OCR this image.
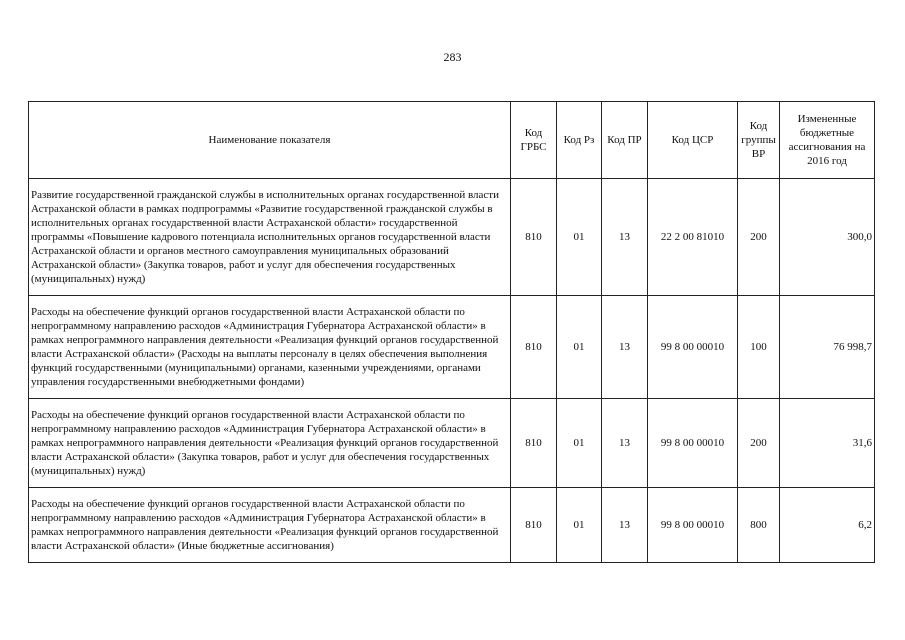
283
Наименование показателя	Код ГРБС	Код Рз	Код ПР	Код ЦСР	Код группы ВР	Измененные бюджетные ассигнования на 2016 год
Развитие государственной гражданской службы в исполнительных органах государственной власти Астраханской области в рамках подпрограммы «Развитие государственной гражданской службы в исполнительных органах государственной власти Астраханской области» государственной программы «Повышение кадрового потенциала исполнительных органов государственной власти Астраханской области и органов местного самоуправления муниципальных образований Астраханской области» (Закупка товаров, работ и услуг для обеспечения государственных (муниципальных) нужд)	810	01	13	22 2 00 81010	200	300,0
Расходы на обеспечение функций органов государственной власти Астраханской области по непрограммному направлению расходов «Администрация Губернатора Астраханской области» в рамках непрограммного направления деятельности «Реализация функций органов государственной власти Астраханской области» (Расходы на выплаты персоналу в целях обеспечения выполнения функций государственными (муниципальными) органами, казенными учреждениями, органами управления государственными внебюджетными фондами)	810	01	13	99 8 00 00010	100	76 998,7
Расходы на обеспечение функций органов государственной власти Астраханской области по непрограммному направлению расходов «Администрация Губернатора Астраханской области» в рамках непрограммного направления деятельности «Реализация функций органов государственной власти Астраханской области» (Закупка товаров, работ и услуг для обеспечения государственных (муниципальных) нужд)	810	01	13	99 8 00 00010	200	31,6
Расходы на обеспечение функций органов государственной власти Астраханской области по непрограммному направлению расходов «Администрация Губернатора Астраханской области» в рамках непрограммного направления деятельности «Реализация функций органов государственной власти Астраханской области» (Иные бюджетные ассигнования)	810	01	13	99 8 00 00010	800	6,2
